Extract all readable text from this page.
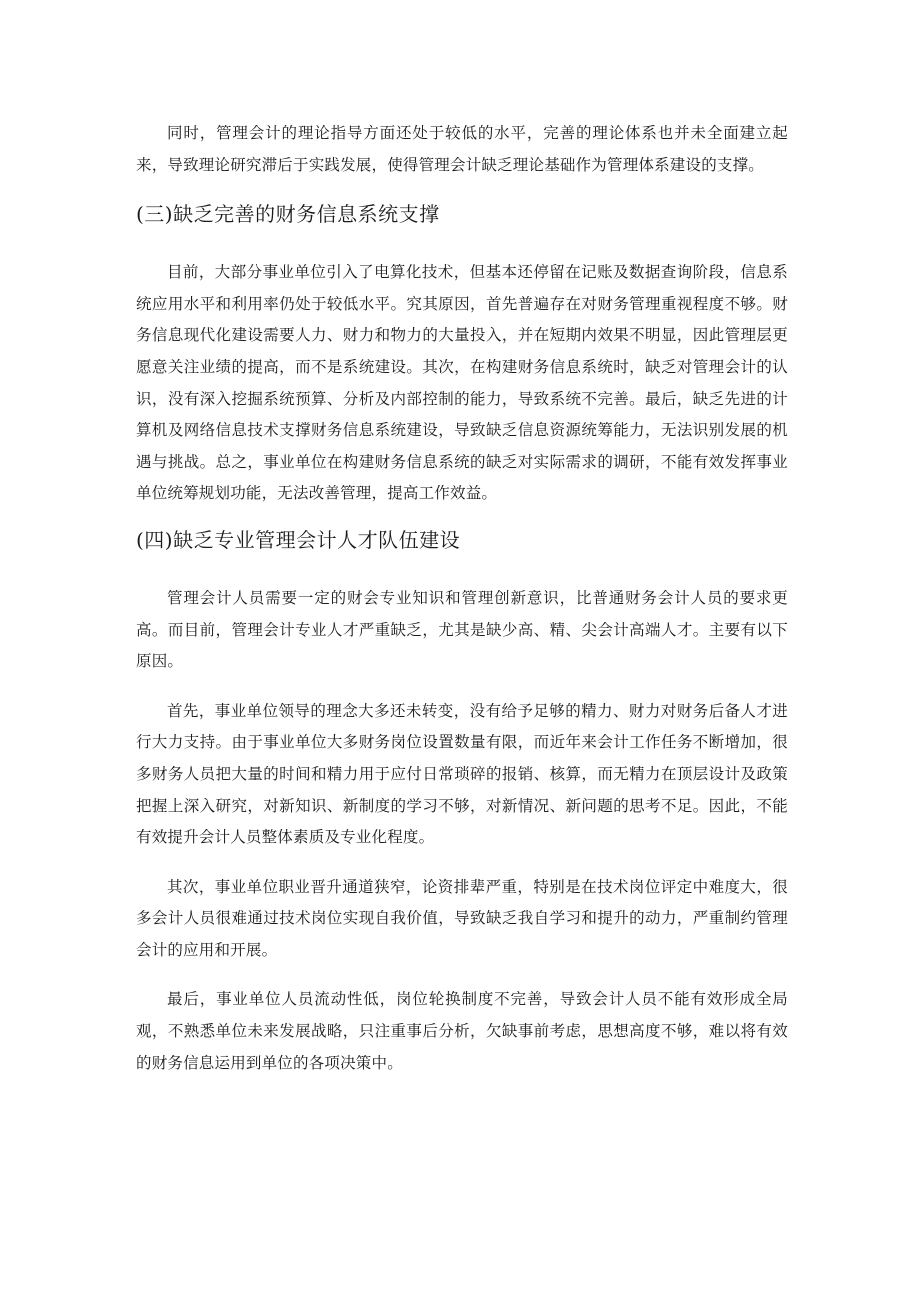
同时，管理会计的理论指导方面还处于较低的水平，完善的理论体系也并未全面建立起来，导致理论研究滞后于实践发展，使得管理会计缺乏理论基础作为管理体系建设的支撑。

(三)缺乏完善的财务信息系统支撑

目前，大部分事业单位引入了电算化技术，但基本还停留在记账及数据查询阶段，信息系统应用水平和利用率仍处于较低水平。究其原因，首先普遍存在对财务管理重视程度不够。财务信息现代化建设需要人力、财力和物力的大量投入，并在短期内效果不明显，因此管理层更愿意关注业绩的提高，而不是系统建设。其次，在构建财务信息系统时，缺乏对管理会计的认识，没有深入挖掘系统预算、分析及内部控制的能力，导致系统不完善。最后，缺乏先进的计算机及网络信息技术支撑财务信息系统建设，导致缺乏信息资源统筹能力，无法识别发展的机遇与挑战。总之，事业单位在构建财务信息系统的缺乏对实际需求的调研，不能有效发挥事业单位统筹规划功能，无法改善管理，提高工作效益。

(四)缺乏专业管理会计人才队伍建设

管理会计人员需要一定的财会专业知识和管理创新意识，比普通财务会计人员的要求更高。而目前，管理会计专业人才严重缺乏，尤其是缺少高、精、尖会计高端人才。主要有以下原因。

首先，事业单位领导的理念大多还未转变，没有给予足够的精力、财力对财务后备人才进行大力支持。由于事业单位大多财务岗位设置数量有限，而近年来会计工作任务不断增加，很多财务人员把大量的时间和精力用于应付日常琐碎的报销、核算，而无精力在顶层设计及政策把握上深入研究，对新知识、新制度的学习不够，对新情况、新问题的思考不足。因此，不能有效提升会计人员整体素质及专业化程度。

其次，事业单位职业晋升通道狭窄，论资排辈严重，特别是在技术岗位评定中难度大，很多会计人员很难通过技术岗位实现自我价值，导致缺乏我自学习和提升的动力，严重制约管理会计的应用和开展。

最后，事业单位人员流动性低，岗位轮换制度不完善，导致会计人员不能有效形成全局观，不熟悉单位未来发展战略，只注重事后分析，欠缺事前考虑，思想高度不够，难以将有效的财务信息运用到单位的各项决策中。
